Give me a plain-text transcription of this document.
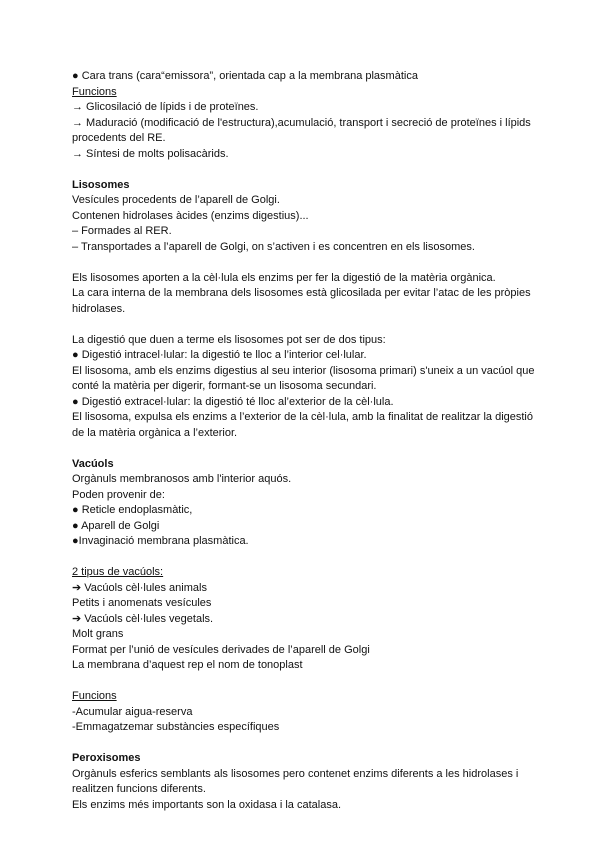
● Cara trans (cara“emissora”, orientada cap a la membrana plasmàtica

Funcions

→ Glicosilació de lípids i de proteïnes.

→ Maduració (modificació de l'estructura),acumulació, transport i secreció de proteïnes i lípids procedents del RE.

→ Síntesi de molts polisacàrids.

Lisosomes

Vesícules procedents de l’aparell de Golgi.

Contenen hidrolases àcides (enzims digestius)...

– Formades al RER.

– Transportades a l’aparell de Golgi, on s’activen i es concentren en els lisosomes.

Els lisosomes aporten a la cèl·lula els enzims per fer la digestió de la matèria orgànica.

La cara interna de la membrana dels lisosomes està glicosilada per evitar l’atac de les pròpies hidrolases.

La digestió que duen a terme els lisosomes pot ser de dos tipus:

● Digestió intracel·lular: la digestió te lloc a l’interior cel·lular.

El lisosoma, amb els enzims digestius al seu interior (lisosoma primari) s'uneix a un vacúol que conté la matèria per digerir, formant-se un lisosoma secundari.

● Digestió extracel·lular: la digestió té lloc al’exterior de la cèl·lula.

El lisosoma, expulsa els enzims a l’exterior de la cèl·lula, amb la finalitat de realitzar la digestió de la matèria orgànica a l’exterior.

Vacúols

Orgànuls membranosos amb l'interior aquós.

Poden provenir de:

● Reticle endoplasmàtic,

● Aparell de Golgi

●Invaginació membrana plasmàtica.

2 tipus de vacúols:

➔ Vacúols cèl·lules animals

Petits i anomenats vesícules

➔ Vacúols cèl·lules vegetals.

Molt grans

Format per l’unió de vesícules derivades de l’aparell de Golgi

La membrana d’aquest rep el nom de tonoplast

Funcions

-Acumular aigua-reserva

-Emmagatzemar substàncies específiques

Peroxisomes

Orgànuls esferics semblants als lisosomes pero contenet enzims diferents a les hidrolases i realitzen funcions diferents.

Els enzims més importants son la oxidasa i la catalasa.
